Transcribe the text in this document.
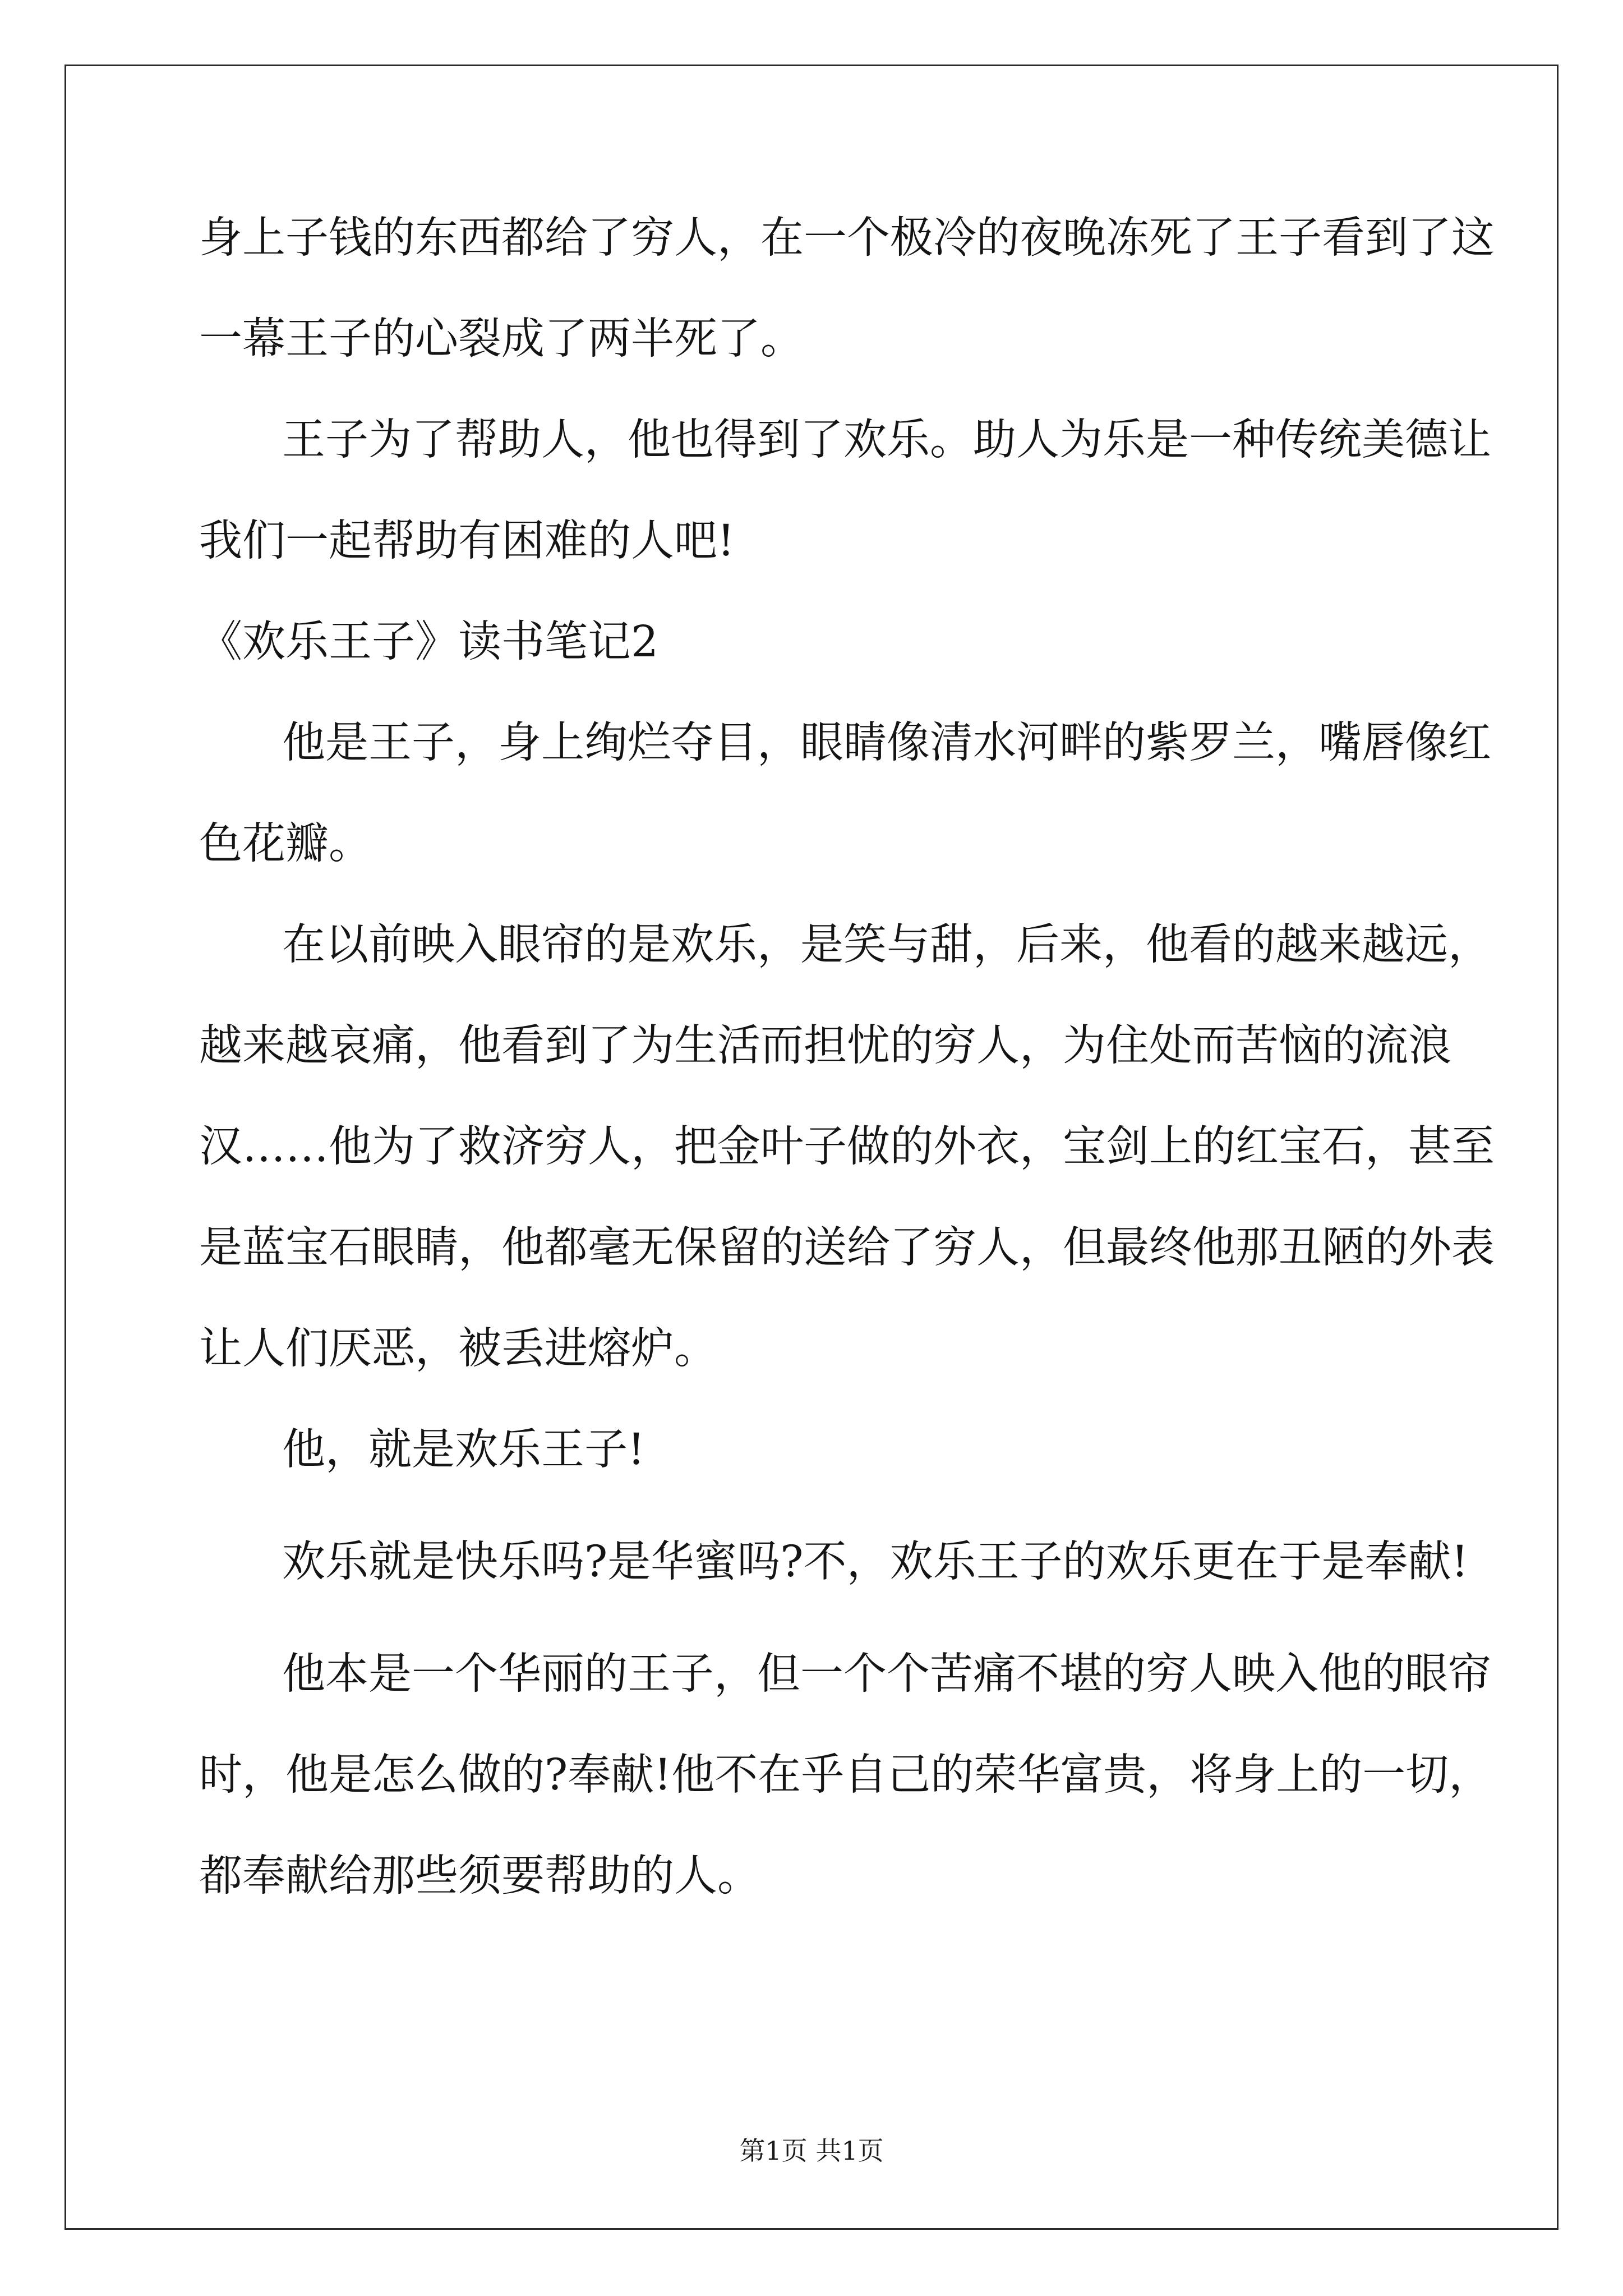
身上子钱的东西都给了穷人，在一个极冷的夜晚冻死了王子看到了这
一幕王子的心裂成了两半死了。
王子为了帮助人，他也得到了欢乐。助人为乐是一种传统美德让
我们一起帮助有困难的人吧!
《欢乐王子》读书笔记2
他是王子，身上绚烂夺目，眼睛像清水河畔的紫罗兰，嘴唇像红
色花瓣。
在以前映入眼帘的是欢乐，是笑与甜，后来，他看的越来越远，
越来越哀痛，他看到了为生活而担忧的穷人，为住处而苦恼的流浪
汉……他为了救济穷人，把金叶子做的外衣，宝剑上的红宝石，甚至
是蓝宝石眼睛，他都毫无保留的送给了穷人，但最终他那丑陋的外表
让人们厌恶，被丢进熔炉。
他，就是欢乐王子!
欢乐就是快乐吗?是华蜜吗?不，欢乐王子的欢乐更在于是奉献!
他本是一个华丽的王子，但一个个苦痛不堪的穷人映入他的眼帘
时，他是怎么做的?奉献!他不在乎自己的荣华富贵，将身上的一切，
都奉献给那些须要帮助的人。
第1页 共1页
